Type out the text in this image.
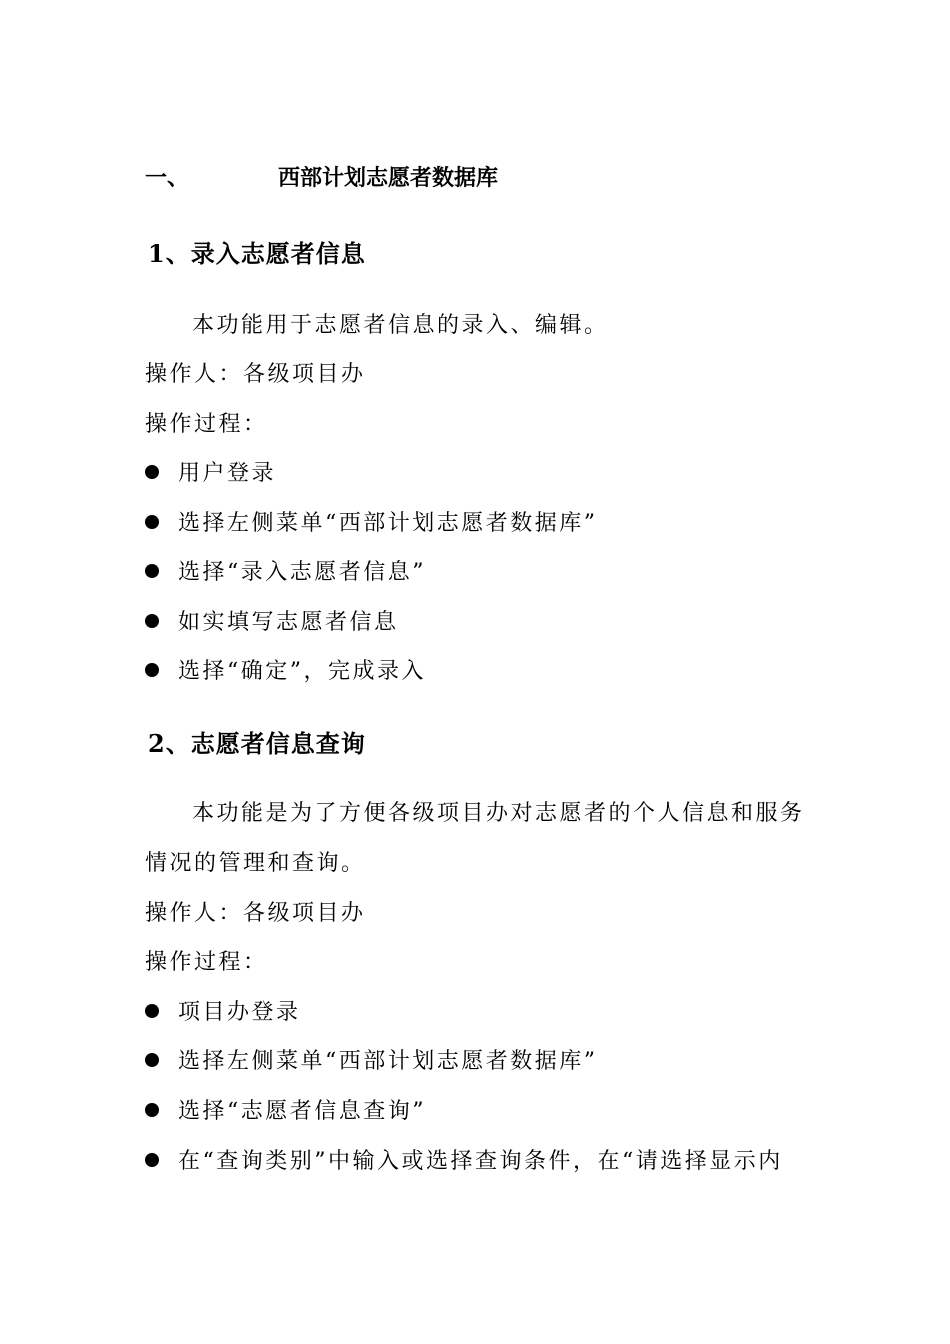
一、	西部计划志愿者数据库
1、录入志愿者信息
本功能用于志愿者信息的录入、编辑。
操作人：各级项目办
操作过程：
用户登录
选择左侧菜单“西部计划志愿者数据库”
选择“录入志愿者信息”
如实填写志愿者信息
选择“确定”，完成录入
2、志愿者信息查询
本功能是为了方便各级项目办对志愿者的个人信息和服务
情况的管理和查询。
操作人：各级项目办
操作过程：
项目办登录
选择左侧菜单“西部计划志愿者数据库”
选择“志愿者信息查询”
在“查询类别”中输入或选择查询条件，在“请选择显示内
